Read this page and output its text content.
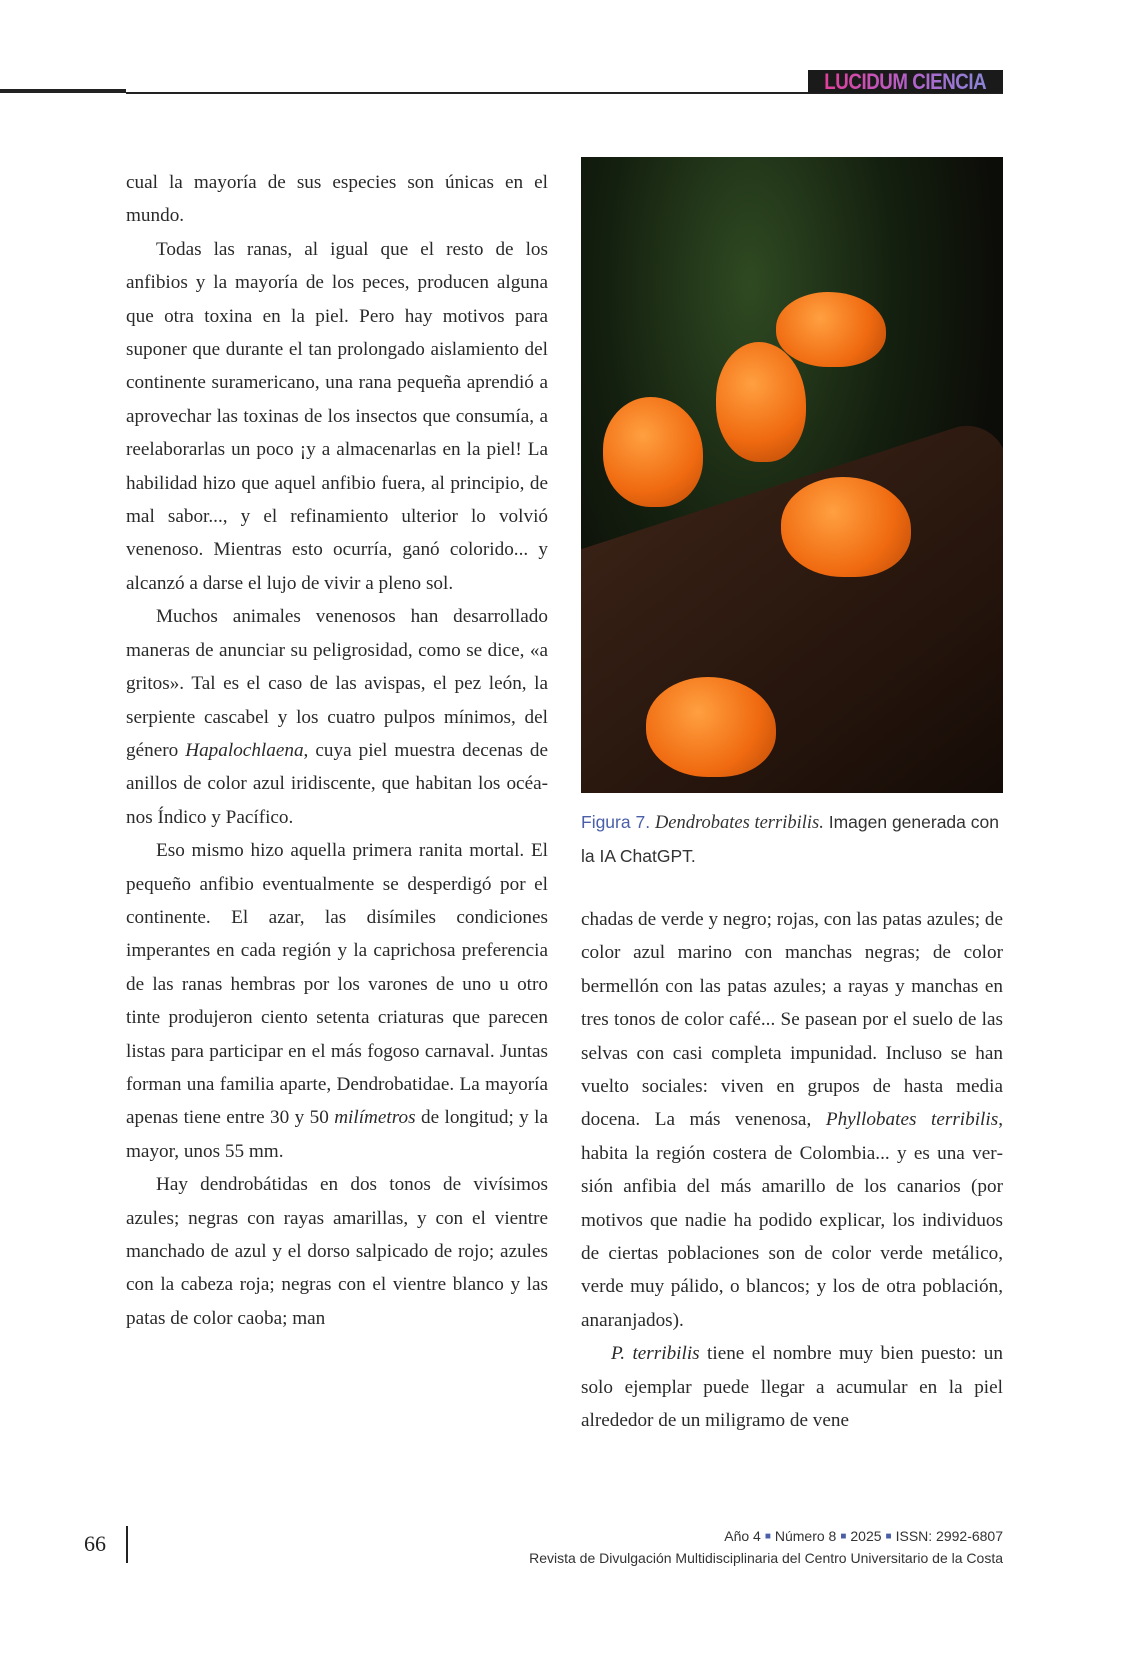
LUCIDUM CIENCIA

cual la mayoría de sus especies son únicas en el mundo.

Todas las ranas, al igual que el resto de los anfibios y la mayoría de los peces, producen alguna que otra toxina en la piel. Pero hay motivos para suponer que durante el tan prolongado aislamiento del continente suramericano, una rana pequeña aprendió a aprovechar las toxinas de los insectos que consumía, a reelaborarlas un poco ¡y a almacenarlas en la piel! La habilidad hizo que aquel anfibio fuera, al principio, de mal sabor..., y el refinamiento ulterior lo volvió venenoso. Mientras esto ocurría, ganó colorido... y alcanzó a darse el lujo de vivir a pleno sol.

Muchos animales venenosos han desarrollado maneras de anunciar su peligrosidad, como se dice, «a gritos». Tal es el caso de las avispas, el pez león, la serpiente cascabel y los cuatro pulpos mínimos, del género Hapalochlaena, cuya piel muestra decenas de anillos de color azul iridiscente, que habitan los océanos Índico y Pacífico.

Eso mismo hizo aquella primera ranita mortal. El pequeño anfibio eventualmente se desperdigó por el continente. El azar, las disímiles condiciones imperantes en cada región y la caprichosa preferencia de las ranas hembras por los varones de uno u otro tinte produjeron ciento setenta criaturas que parecen listas para participar en el más fogoso carnaval. Juntas forman una familia aparte, Dendrobatidae. La mayoría apenas tiene entre 30 y 50 milímetros de longitud; y la mayor, unos 55 mm.

Hay dendrobátidas en dos tonos de vivísimos azules; negras con rayas amarillas, y con el vientre manchado de azul y el dorso salpicado de rojo; azules con la cabeza roja; negras con el vientre blanco y las patas de color caoba; man

Figura 7. Dendrobates terribilis. Imagen generada con la IA ChatGPT.

chadas de verde y negro; rojas, con las patas azules; de color azul marino con manchas negras; de color bermellón con las patas azules; a rayas y manchas en tres tonos de color café... Se pasean por el suelo de las selvas con casi completa impunidad. Incluso se han vuelto sociales: viven en grupos de hasta media docena. La más venenosa, Phyllobates terribilis, habita la región costera de Colombia... y es una versión anfibia del más amarillo de los canarios (por motivos que nadie ha podido explicar, los individuos de ciertas poblaciones son de color verde metálico, verde muy pálido, o blancos; y los de otra población, anaranjados).

P. terribilis tiene el nombre muy bien puesto: un solo ejemplar puede llegar a acumular en la piel alrededor de un miligramo de vene

66	Año 4 ■ Número 8 ■ 2025 ■ ISSN: 2992-6807
Revista de Divulgación Multidisciplinaria del Centro Universitario de la Costa
